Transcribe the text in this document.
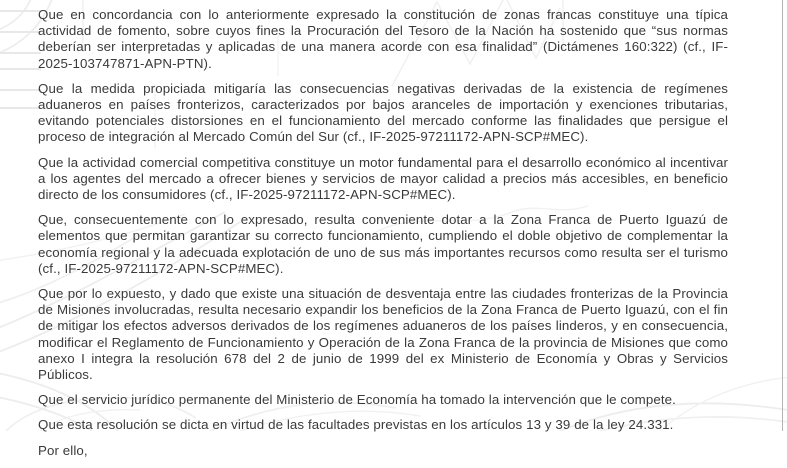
Que en concordancia con lo anteriormente expresado la constitución de zonas francas constituye una típica actividad de fomento, sobre cuyos fines la Procuración del Tesoro de la Nación ha sostenido que “sus normas deberían ser interpretadas y aplicadas de una manera acorde con esa finalidad” (Dictámenes 160:322) (cf., IF-2025-103747871-APN-PTN).

Que la medida propiciada mitigaría las consecuencias negativas derivadas de la existencia de regímenes aduaneros en países fronterizos, caracterizados por bajos aranceles de importación y exenciones tributarias, evitando potenciales distorsiones en el funcionamiento del mercado conforme las finalidades que persigue el proceso de integración al Mercado Común del Sur (cf., IF-2025-97211172-APN-SCP#MEC).

Que la actividad comercial competitiva constituye un motor fundamental para el desarrollo económico al incentivar a los agentes del mercado a ofrecer bienes y servicios de mayor calidad a precios más accesibles, en beneficio directo de los consumidores (cf., IF-2025-97211172-APN-SCP#MEC).

Que, consecuentemente con lo expresado, resulta conveniente dotar a la Zona Franca de Puerto Iguazú de elementos que permitan garantizar su correcto funcionamiento, cumpliendo el doble objetivo de complementar la economía regional y la adecuada explotación de uno de sus más importantes recursos como resulta ser el turismo (cf., IF-2025-97211172-APN-SCP#MEC).

Que por lo expuesto, y dado que existe una situación de desventaja entre las ciudades fronterizas de la Provincia de Misiones involucradas, resulta necesario expandir los beneficios de la Zona Franca de Puerto Iguazú, con el fin de mitigar los efectos adversos derivados de los regímenes aduaneros de los países linderos, y en consecuencia, modificar el Reglamento de Funcionamiento y Operación de la Zona Franca de la provincia de Misiones que como anexo I integra la resolución 678 del 2 de junio de 1999 del ex Ministerio de Economía y Obras y Servicios Públicos.

Que el servicio jurídico permanente del Ministerio de Economía ha tomado la intervención que le compete.

Que esta resolución se dicta en virtud de las facultades previstas en los artículos 13 y 39 de la ley 24.331.

Por ello,
